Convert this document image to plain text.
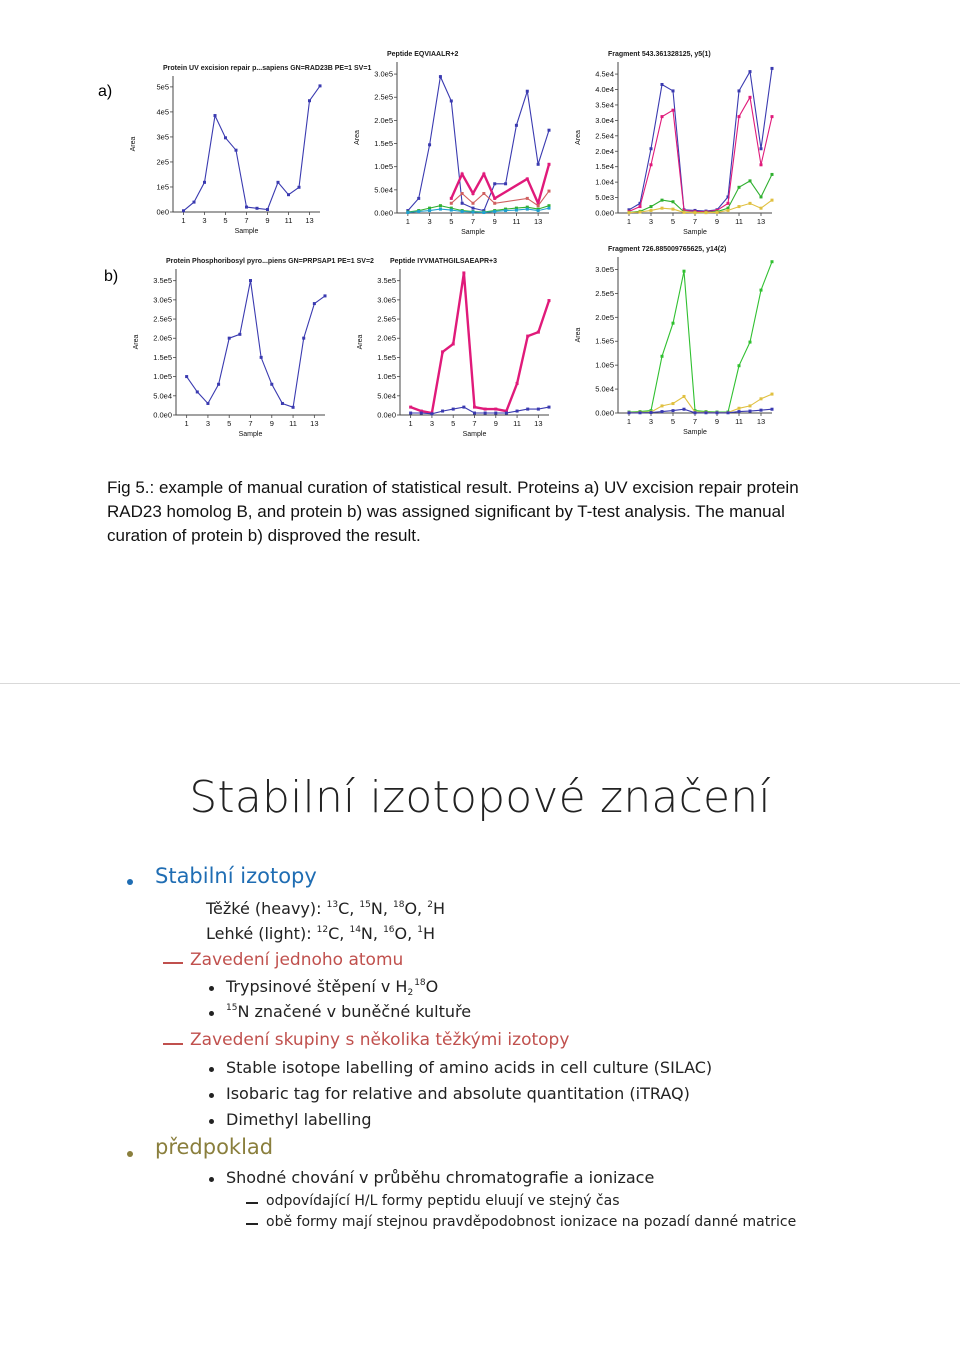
a)
b)
Protein UV excision repair p...sapiens GN=RAD23B PE=1 SV=1
0e0
1e5
2e5
3e5
4e5
5e5
1 3 5 7 9 11 13
Sample
Area
Peptide EQVIAALR+2
0.0e0
5.0e4
1.0e5
1.5e5
2.0e5
2.5e5
3.0e5
1 3 5 7 9 11 13
Sample
Area
Fragment 543.361328125, y5(1)
0.0e0
5.0e3
1.0e4
1.5e4
2.0e4
2.5e4
3.0e4
3.5e4
4.0e4
4.5e4
1 3 5 7 9 11 13
Sample
Area
Protein Phosphoribosyl pyro...piens GN=PRPSAP1 PE=1 SV=2
0.0e0
5.0e4
1.0e5
1.5e5
2.0e5
2.5e5
3.0e5
3.5e5
1 3 5 7 9 11 13
Sample
Area
Peptide IYVMATHGILSAEAPR+3
0.0e0
5.0e4
1.0e5
1.5e5
2.0e5
2.5e5
3.0e5
3.5e5
1 3 5 7 9 11 13
Sample
Area
Fragment 726.885009765625, y14(2)
0.0e0
5.0e4
1.0e5
1.5e5
2.0e5
2.5e5
3.0e5
1 3 5 7 9 11 13
Sample
Area
Fig 5.: example of manual curation of statistical result. Proteins a) UV excision repair protein RAD23 homolog B, and protein b) was assigned significant by T-test analysis. The manual curation of protein b) disproved the result.
Stabilní izotopové značení
Stabilní izotopy
Těžké (heavy): $^{13}$C, $^{15}$N, $^{18}$O, $^2$H
Lehké (light): $^{12}$C, $^{14}$N, $^{16}$O, $^1$H
Zavedení jednoho atomu
Trypsinové štěpení v $H_2^{18}O$
$^{15}$N značené v buněčné kultuře
Zavedení skupiny s několika těžkými izotopy
Stable isotope labelling of amino acids in cell culture (SILAC)
Isobaric tag for relative and absolute quantitation (iTRAQ)
Dimethyl labelling
předpoklad
Shodné chování v průběhu chromatografie a ionizace
odpovídající H/L formy peptidu eluují ve stejný čas
obě formy mají stejnou pravděpodobnost ionizace na pozadí danné matrice
